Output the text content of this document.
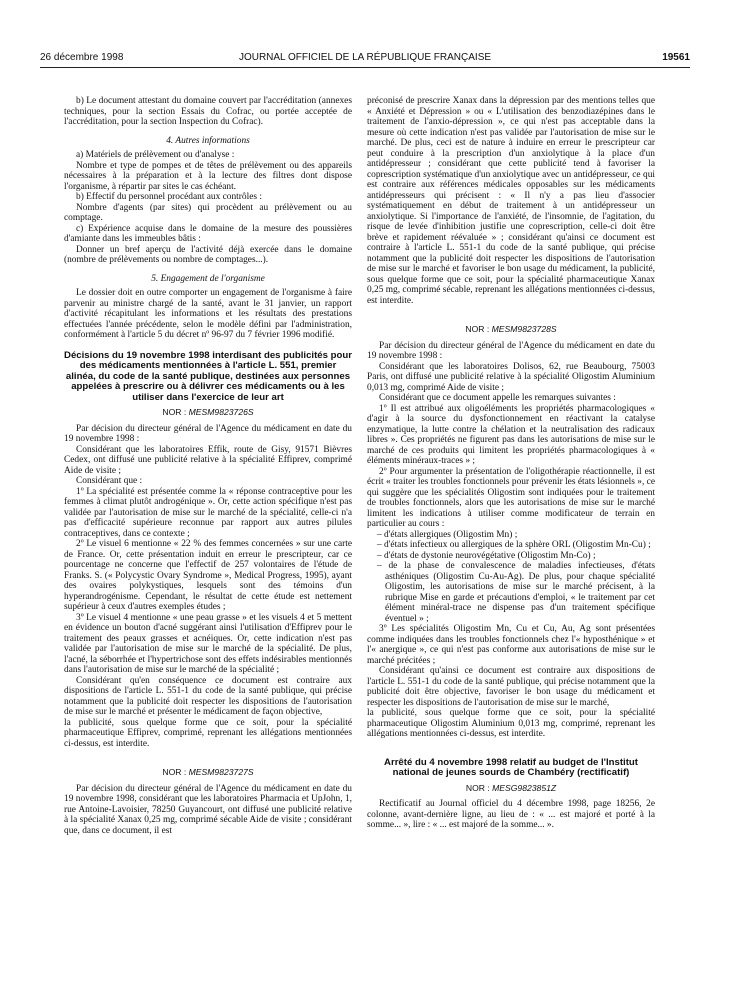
26 décembre 1998	JOURNAL OFFICIEL DE LA RÉPUBLIQUE FRANÇAISE	19561

b) Le document attestant du domaine couvert par l'accréditation (annexes techniques, pour la section Essais du Cofrac, ou portée acceptée de l'accréditation, pour la section Inspection du Cofrac).

4. Autres informations

a) Matériels de prélèvement ou d'analyse :

Nombre et type de pompes et de têtes de prélèvement ou des appareils nécessaires à la préparation et à la lecture des filtres dont dispose l'organisme, à répartir par sites le cas échéant.

b) Effectif du personnel procédant aux contrôles :

Nombre d'agents (par sites) qui procèdent au prélèvement ou au comptage.

c) Expérience acquise dans le domaine de la mesure des poussières d'amiante dans les immeubles bâtis :

Donner un bref aperçu de l'activité déjà exercée dans le domaine (nombre de prélèvements ou nombre de comptages...).

5. Engagement de l'organisme

Le dossier doit en outre comporter un engagement de l'organisme à faire parvenir au ministre chargé de la santé, avant le 31 janvier, un rapport d'activité récapitulant les informations et les résultats des prestations effectuées l'année précédente, selon le modèle défini par l'administration, conformément à l'article 5 du décret nº 96-97 du 7 février 1996 modifié.

Décisions du 19 novembre 1998 interdisant des publicités pour des médicaments mentionnées à l'article L. 551, premier alinéa, du code de la santé publique, destinées aux personnes appelées à prescrire ou à délivrer ces médicaments ou à les utiliser dans l'exercice de leur art
NOR : MESM9823726S

Par décision du directeur général de l'Agence du médicament en date du 19 novembre 1998 :

Considérant que les laboratoires Effik, route de Gisy, 91571 Bièvres Cedex, ont diffusé une publicité relative à la spécialité Effiprev, comprimé Aide de visite ;

Considérant que :

1º La spécialité est présentée comme la « réponse contraceptive pour les femmes à climat plutôt androgénique ». Or, cette action spécifique n'est pas validée par l'autorisation de mise sur le marché de la spécialité, celle-ci n'a pas d'efficacité supérieure reconnue par rapport aux autres pilules contraceptives, dans ce contexte ;

2º Le visuel 6 mentionne « 22 % des femmes concernées » sur une carte de France. Or, cette présentation induit en erreur le prescripteur, car ce pourcentage ne concerne que l'effectif de 257 volontaires de l'étude de Franks. S. (« Polycystic Ovary Syndrome », Medical Progress, 1995), ayant des ovaires polykystiques, lesquels sont des témoins d'un hyperandrogénisme. Cependant, le résultat de cette étude est nettement supérieur à ceux d'autres exemples études ;

3º Le visuel 4 mentionne « une peau grasse » et les visuels 4 et 5 mettent en évidence un bouton d'acné suggérant ainsi l'utilisation d'Effiprev pour le traitement des peaux grasses et acnéiques. Or, cette indication n'est pas validée par l'autorisation de mise sur le marché de la spécialité. De plus, l'acné, la séborrhée et l'hypertrichose sont des effets indésirables mentionnés dans l'autorisation de mise sur le marché de la spécialité ;

Considérant qu'en conséquence ce document est contraire aux dispositions de l'article L. 551-1 du code de la santé publique, qui précise notamment que la publicité doit respecter les dispositions de l'autorisation de mise sur le marché et présenter le médicament de façon objective,

la publicité, sous quelque forme que ce soit, pour la spécialité pharmaceutique Effiprev, comprimé, reprenant les allégations mentionnées ci-dessus, est interdite.

NOR : MESM9823727S

Par décision du directeur général de l'Agence du médicament en date du 19 novembre 1998, considérant que les laboratoires Pharmacia et UpJohn, 1, rue Antoine-Lavoisier, 78250 Guyancourt, ont diffusé une publicité relative à la spécialité Xanax 0,25 mg, comprimé sécable Aide de visite ; considérant que, dans ce document, il est

préconisé de prescrire Xanax dans la dépression par des mentions telles que « Anxiété et Dépression » ou « L'utilisation des benzodiazépines dans le traitement de l'anxio-dépression », ce qui n'est pas acceptable dans la mesure où cette indication n'est pas validée par l'autorisation de mise sur le marché. De plus, ceci est de nature à induire en erreur le prescripteur car peut conduire à la prescription d'un anxiolytique à la place d'un antidépresseur ; considérant que cette publicité tend à favoriser la coprescription systématique d'un anxiolytique avec un antidépresseur, ce qui est contraire aux références médicales opposables sur les médicaments antidépresseurs qui précisent : « Il n'y a pas lieu d'associer systématiquement en début de traitement à un antidépresseur un anxiolytique. Si l'importance de l'anxiété, de l'insomnie, de l'agitation, du risque de levée d'inhibition justifie une coprescription, celle-ci doit être brève et rapidement réévaluée » ; considérant qu'ainsi ce document est contraire à l'article L. 551-1 du code de la santé publique, qui précise notamment que la publicité doit respecter les dispositions de l'autorisation de mise sur le marché et favoriser le bon usage du médicament, la publicité, sous quelque forme que ce soit, pour la spécialité pharmaceutique Xanax 0,25 mg, comprimé sécable, reprenant les allégations mentionnées ci-dessus, est interdite.

NOR : MESM9823728S

Par décision du directeur général de l'Agence du médicament en date du 19 novembre 1998 :

Considérant que les laboratoires Dolisos, 62, rue Beaubourg, 75003 Paris, ont diffusé une publicité relative à la spécialité Oligostim Aluminium 0,013 mg, comprimé Aide de visite ;

Considérant que ce document appelle les remarques suivantes :

1º Il est attribué aux oligoéléments les propriétés pharmacologiques « d'agir à la source du dysfonctionnement en réactivant la catalyse enzymatique, la lutte contre la chélation et la neutralisation des radicaux libres ». Ces propriétés ne figurent pas dans les autorisations de mise sur le marché de ces produits qui limitent les propriétés pharmacologiques à « éléments minéraux-traces » ;

2º Pour argumenter la présentation de l'oligothérapie réactionnelle, il est écrit « traiter les troubles fonctionnels pour prévenir les états lésionnels », ce qui suggère que les spécialités Oligostim sont indiquées pour le traitement de troubles fonctionnels, alors que les autorisations de mise sur le marché limitent les indications à utiliser comme modificateur de terrain en particulier au cours :

– d'états allergiques (Oligostim Mn) ;
– d'états infectieux ou allergiques de la sphère ORL (Oligostim Mn-Cu) ;
– d'états de dystonie neurovégétative (Oligostim Mn-Co) ;
– de la phase de convalescence de maladies infectieuses, d'états asthéniques (Oligostim Cu-Au-Ag). De plus, pour chaque spécialité Oligostim, les autorisations de mise sur le marché précisent, à la rubrique Mise en garde et précautions d'emploi, « le traitement par cet élément minéral-trace ne dispense pas d'un traitement spécifique éventuel » ;

3º Les spécialités Oligostim Mn, Cu et Cu, Au, Ag sont présentées comme indiquées dans les troubles fonctionnels chez l'« hyposthénique » et l'« anergique », ce qui n'est pas conforme aux autorisations de mise sur le marché précitées ;

Considérant qu'ainsi ce document est contraire aux dispositions de l'article L. 551-1 du code de la santé publique, qui précise notamment que la publicité doit être objective, favoriser le bon usage du médicament et respecter les dispositions de l'autorisation de mise sur le marché,

la publicité, sous quelque forme que ce soit, pour la spécialité pharmaceutique Oligostim Aluminium 0,013 mg, comprimé, reprenant les allégations mentionnées ci-dessus, est interdite.

Arrêté du 4 novembre 1998 relatif au budget de l'Institut national de jeunes sourds de Chambéry (rectificatif)
NOR : MESG9823851Z

Rectificatif au Journal officiel du 4 décembre 1998, page 18256, 2e colonne, avant-dernière ligne, au lieu de : « ... est majoré et porté à la somme... », lire : « ... est majoré de la somme... ».
